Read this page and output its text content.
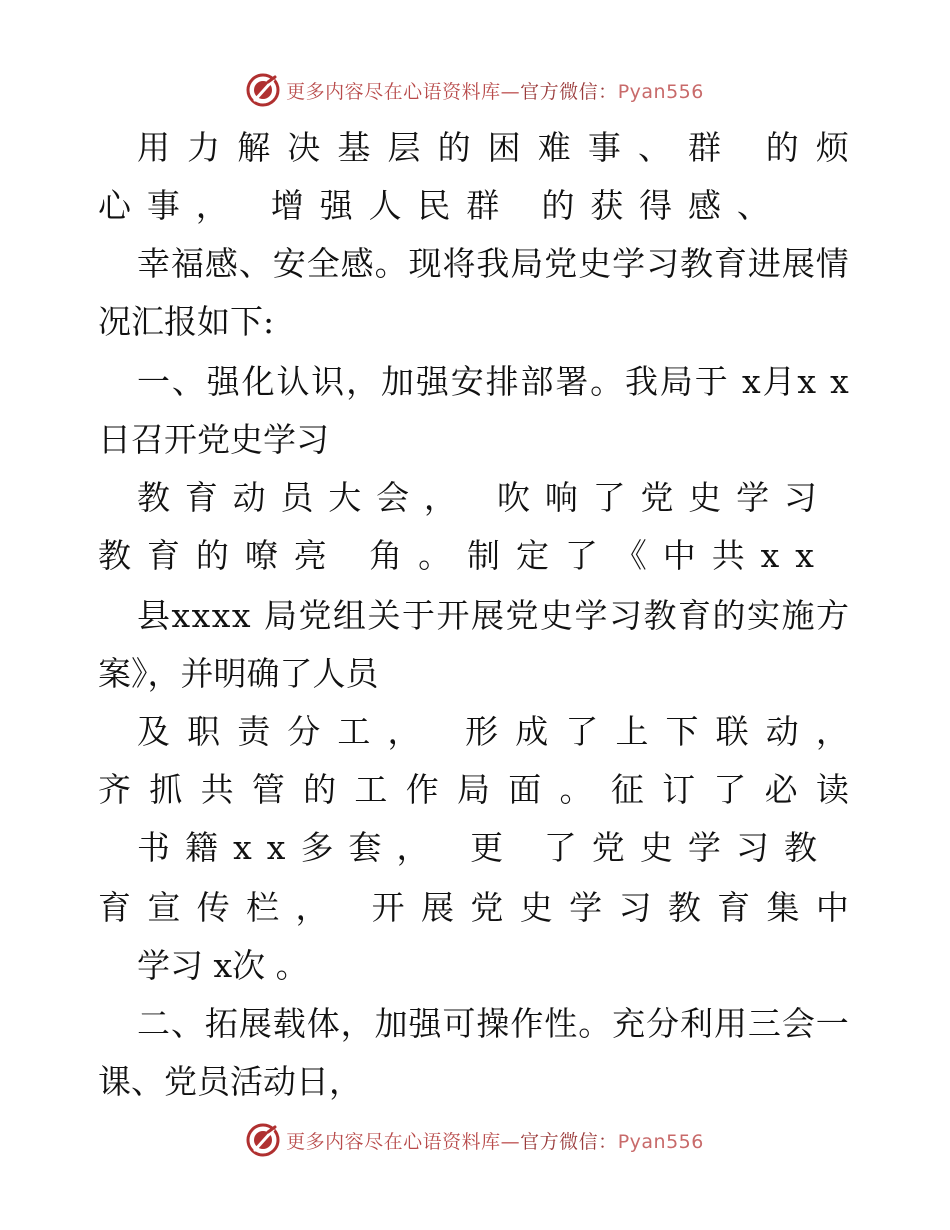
更多内容尽在心语资料库—官方微信：Pyan556
用 力 解 决 基 层 的 困 难 事 、 群
的 烦
心 事 ，
增 强 人 民 群
的 获 得 感 、
幸 福 感 、 安 全 感 。 现 将 我 局 党 史 学 习 教 育 进 展 情
况汇报如下:
一 、 强 化 认 识 ， 加 强 安 排 部 署 。 我 局 于
x 月 x
x
日召开党史学习
教 育 动 员 大 会 ，
吹 响 了 党 史 学 习
教 育 的 嘹 亮
角 。 制 定 了 《 中 共 x x
县 x x x x
局 党 组 关 于 开 展 党 史 学 习 教 育 的 实 施 方
案》，并明确了人员
及 职 责 分 工 ，
形 成 了 上 下 联 动 ，
齐 抓 共 管 的 工 作 局 面 。 征 订 了 必 读
书 籍 x x 多 套 ，
更
了 党 史 学 习 教
育 宣 传 栏 ，
开 展 党 史 学 习 教 育 集 中
学习 x次 。
二 、 拓 展 载 体 ， 加 强 可 操 作 性 。 充 分 利 用 三 会 一
课、党员活动日，
更多内容尽在心语资料库—官方微信：Pyan556
